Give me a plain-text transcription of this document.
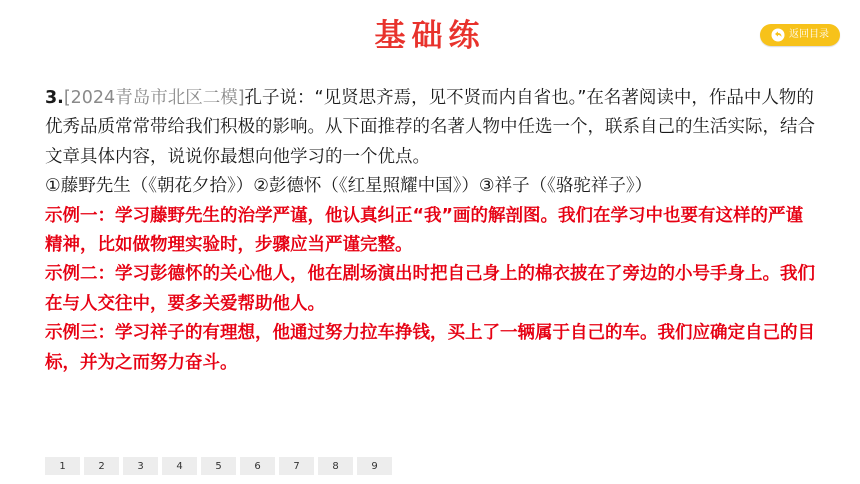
基础练	返回目录

3.[2024青岛市北区二模]孔子说：“见贤思齐焉，见不贤而内自省也。”在名著阅读中，作品中人物的优秀品质常常带给我们积极的影响。从下面推荐的名著人物中任选一个，联系自己的生活实际，结合文章具体内容，说说你最想向他学习的一个优点。

①藤野先生（《朝花夕拾》）②彭德怀（《红星照耀中国》）③祥子（《骆驼祥子》）

示例一：学习藤野先生的治学严谨，他认真纠正“我”画的解剖图。我们在学习中也要有这样的严谨精神，比如做物理实验时，步骤应当严谨完整。

示例二：学习彭德怀的关心他人，他在剧场演出时把自己身上的棉衣披在了旁边的小号手身上。我们在与人交往中，要多关爱帮助他人。

示例三：学习祥子的有理想，他通过努力拉车挣钱，买上了一辆属于自己的车。我们应确定自己的目标，并为之而努力奋斗。

1	2	3	4	5	6	7	8	9
